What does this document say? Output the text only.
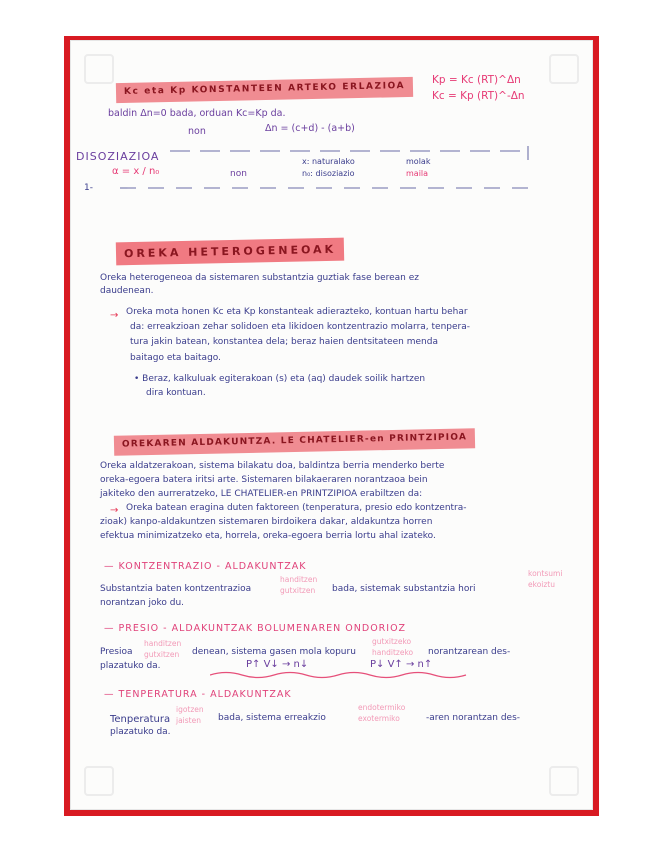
Kc eta Kp KONSTANTEEN ARTEKO ERLAZIOA
Kp = Kc (RT)^Δn
Kc = Kp (RT)^-Δn
baldin Δn=0 bada, orduan Kc=Kp da.
non	Δn = (c+d) - (a+b)
DISOZIAZIOA
α = x / n₀	non
x: naturalako
n₀: disoziazio
molak
maila
1-
OREKA HETEROGENEOAK
Oreka heterogeneoa da sistemaren substantzia guztiak fase berean ez
daudenean.
→ Oreka mota honen Kc eta Kp konstanteak adierazteko, kontuan hartu behar
da: erreakzioan zehar solidoen eta likidoen kontzentrazio molarra, tenpera-
tura jakin batean, konstantea dela; beraz haien dentsitateen menda
baitago eta baitago.
• Beraz, kalkuluak egiterakoan (s) eta (aq) daudek soilik hartzen
dira kontuan.
OREKAREN ALDAKUNTZA. LE CHATELIER-en PRINTZIPIOA
Oreka aldatzerakoan, sistema bilakatu doa, baldintza berria menderko berte
oreka-egoera batera iritsi arte. Sistemaren bilakaeraren norantzaoa bein
jakiteko den aurreratzeko, LE CHATELIER-en PRINTZIPIOA erabiltzen da:
→ Oreka batean eragina duten faktoreen (tenperatura, presio edo kontzentra-
zioak) kanpo-aldakuntzen sistemaren birdoikera dakar, aldakuntza horren
efektua minimizatzeko eta, horrela, oreka-egoera berria lortu ahal izateko.
— KONTZENTRAZIO - ALDAKUNTZAK
Substantzia baten kontzentrazioa
handitzen
gutxitzen bada, sistemak substantzia hori
kontsumi
ekoiztu
norantzan joko du.
— PRESIO - ALDAKUNTZAK BOLUMENAREN ONDORIOZ
Presioa
handitzen
gutxitzen denean, sistema gasen mola kopuru
gutxitzeko
handitzeko norantzarean des-
plazatuko da.	P↑ V↓ → n↓	P↓ V↑ → n↑
— TENPERATURA - ALDAKUNTZAK
Tenperatura
igotzen
jaisten bada, sistema erreakzio
endotermiko
exotermiko	-aren norantzan des-
plazatuko da.
